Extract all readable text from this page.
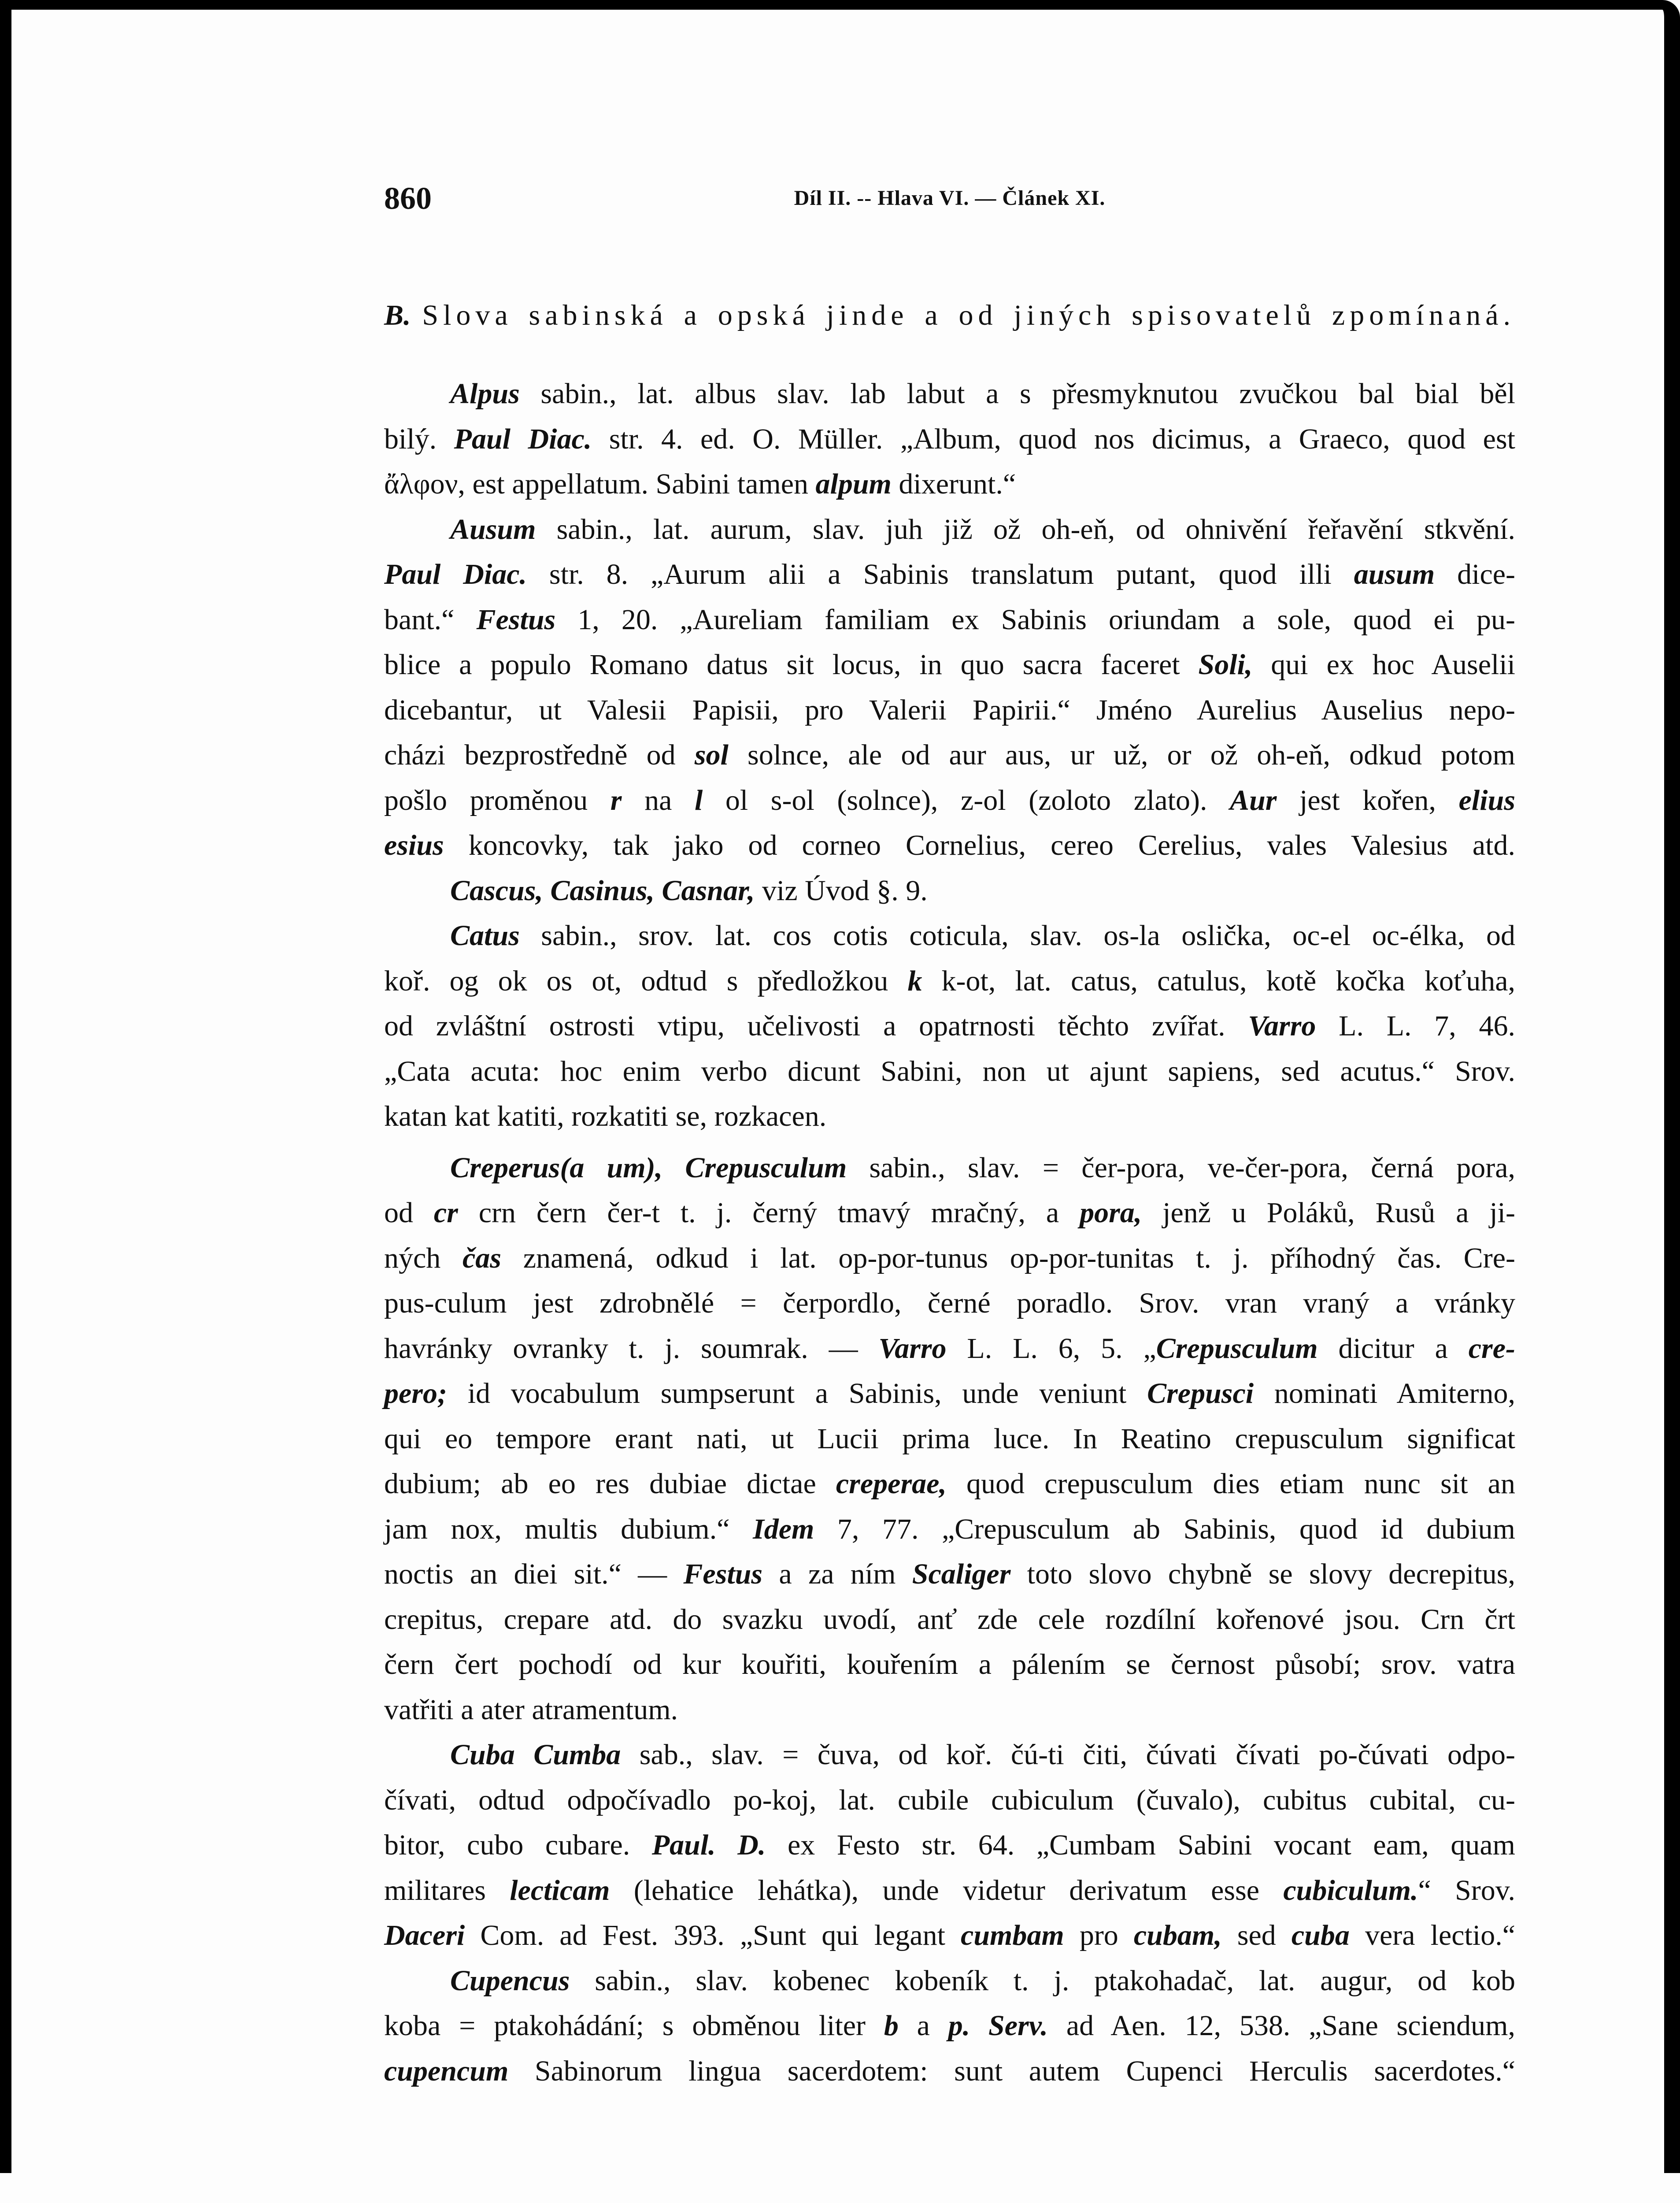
860	Díl II. -- Hlava VI. — Článek XI.
B. Slova sabinská a opská jinde a od jiných spisovatelů zpomínaná.
Alpus sabin., lat. albus slav. lab labut a s přesmyknutou zvučkou bal bial běl
bilý. Paul Diac. str. 4. ed. O. Müller. „Album, quod nos dicimus, a Graeco, quod est
ἄλφον, est appellatum. Sabini tamen alpum dixerunt.“
Ausum sabin., lat. aurum, slav. juh již ož oh-eň, od ohnivění řeřavění stkvění.
Paul Diac. str. 8. „Aurum alii a Sabinis translatum putant, quod illi ausum dice-
bant.“ Festus 1, 20. „Aureliam familiam ex Sabinis oriundam a sole, quod ei pu-
blice a populo Romano datus sit locus, in quo sacra faceret Soli, qui ex hoc Auselii
dicebantur, ut Valesii Papisii, pro Valerii Papirii.“ Jméno Aurelius Auselius nepo-
cházi bezprostředně od sol solnce, ale od aur aus, ur už, or ož oh-eň, odkud potom
pošlo proměnou r na l ol s-ol (solnce), z-ol (zoloto zlato). Aur jest kořen, elius
esius koncovky, tak jako od corneo Cornelius, cereo Cerelius, vales Valesius atd.
Cascus, Casinus, Casnar, viz Úvod §. 9.
Catus sabin., srov. lat. cos cotis coticula, slav. os-la oslička, oc-el oc-élka, od
koř. og ok os ot, odtud s předložkou k k-ot, lat. catus, catulus, kotě kočka koťuha,
od zvláštní ostrosti vtipu, učelivosti a opatrnosti těchto zvířat. Varro L. L. 7, 46.
„Cata acuta: hoc enim verbo dicunt Sabini, non ut ajunt sapiens, sed acutus.“ Srov.
katan kat katiti, rozkatiti se, rozkacen.
Creperus(a um), Crepusculum sabin., slav. = čer-pora, ve-čer-pora, černá pora,
od cr crn čern čer-t t. j. černý tmavý mračný, a pora, jenž u Poláků, Rusů a ji-
ných čas znamená, odkud i lat. op-por-tunus op-por-tunitas t. j. příhodný čas. Cre-
pus-culum jest zdrobnělé = čerpordlo, černé poradlo. Srov. vran vraný a vránky
havránky ovranky t. j. soumrak. — Varro L. L. 6, 5. „Crepusculum dicitur a cre-
pero; id vocabulum sumpserunt a Sabinis, unde veniunt Crepusci nominati Amiterno,
qui eo tempore erant nati, ut Lucii prima luce. In Reatino crepusculum significat
dubium; ab eo res dubiae dictae creperae, quod crepusculum dies etiam nunc sit an
jam nox, multis dubium.“ Idem 7, 77. „Crepusculum ab Sabinis, quod id dubium
noctis an diei sit.“ — Festus a za ním Scaliger toto slovo chybně se slovy decrepitus,
crepitus, crepare atd. do svazku uvodí, anť zde cele rozdílní kořenové jsou. Crn črt
čern čert pochodí od kur kouřiti, kouřením a pálením se černost působí; srov. vatra
vatřiti a ater atramentum.
Cuba Cumba sab., slav. = čuva, od koř. čú-ti čiti, čúvati čívati po-čúvati odpo-
čívati, odtud odpočívadlo po-koj, lat. cubile cubiculum (čuvalo), cubitus cubital, cu-
bitor, cubo cubare. Paul. D. ex Festo str. 64. „Cumbam Sabini vocant eam, quam
militares lecticam (lehatice lehátka), unde videtur derivatum esse cubiculum.“ Srov.
Daceri Com. ad Fest. 393. „Sunt qui legant cumbam pro cubam, sed cuba vera lectio.“
Cupencus sabin., slav. kobenec kobeník t. j. ptakohadač, lat. augur, od kob
koba = ptakohádání; s obměnou liter b a p. Serv. ad Aen. 12, 538. „Sane sciendum,
cupencum Sabinorum lingua sacerdotem: sunt autem Cupenci Herculis sacerdotes.“
